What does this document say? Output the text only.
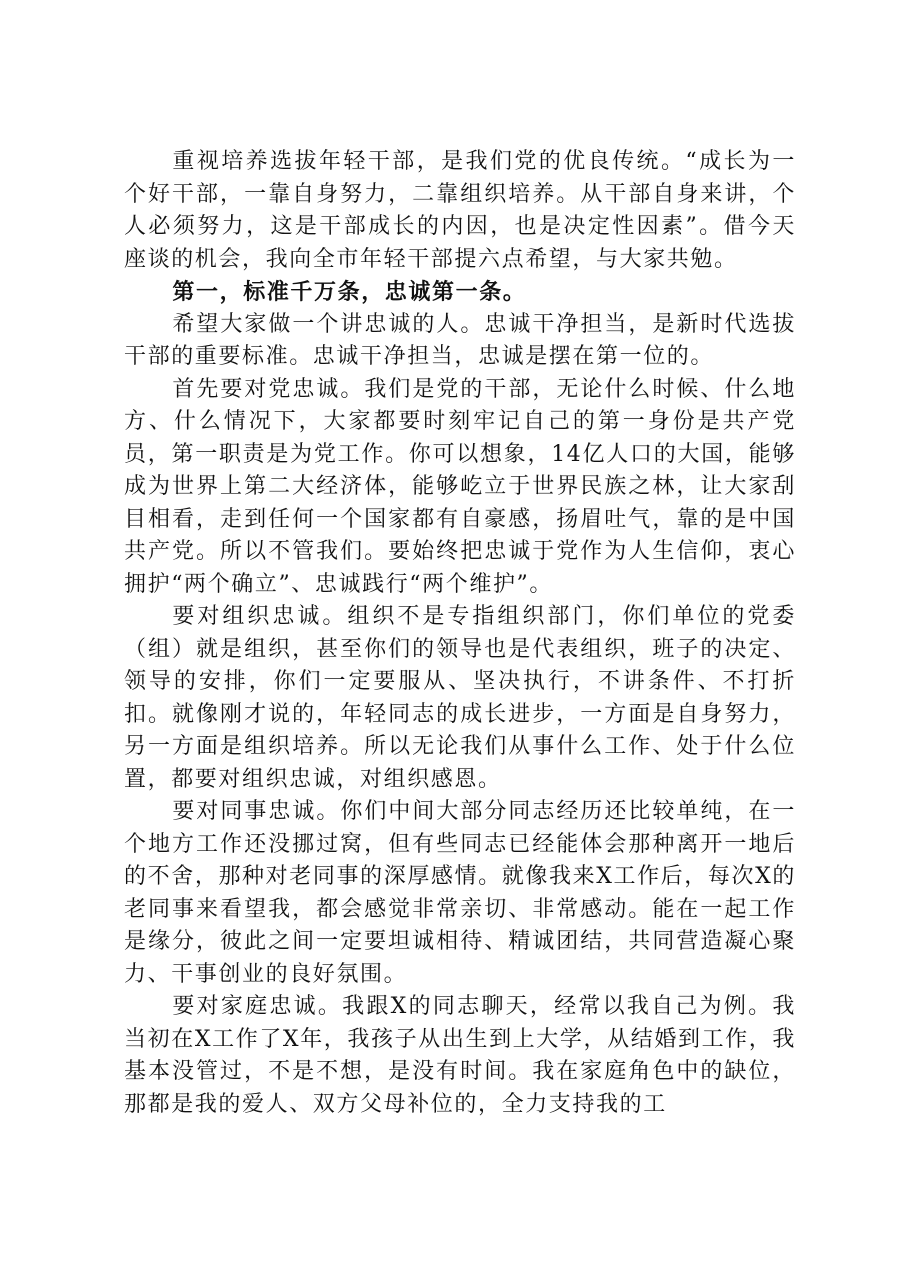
重视培养选拔年轻干部，是我们党的优良传统。“成长为一个好干部，一靠自身努力，二靠组织培养。从干部自身来讲，个人必须努力，这是干部成长的内因，也是决定性因素”。借今天座谈的机会，我向全市年轻干部提六点希望，与大家共勉。

第一，标准千万条，忠诚第一条。

希望大家做一个讲忠诚的人。忠诚干净担当，是新时代选拔干部的重要标准。忠诚干净担当，忠诚是摆在第一位的。

首先要对党忠诚。我们是党的干部，无论什么时候、什么地方、什么情况下，大家都要时刻牢记自己的第一身份是共产党员，第一职责是为党工作。你可以想象，14亿人口的大国，能够成为世界上第二大经济体，能够屹立于世界民族之林，让大家刮目相看，走到任何一个国家都有自豪感，扬眉吐气，靠的是中国共产党。所以不管我们。要始终把忠诚于党作为人生信仰，衷心拥护“两个确立”、忠诚践行“两个维护”。

要对组织忠诚。组织不是专指组织部门，你们单位的党委（组）就是组织，甚至你们的领导也是代表组织，班子的决定、领导的安排，你们一定要服从、坚决执行，不讲条件、不打折扣。就像刚才说的，年轻同志的成长进步，一方面是自身努力，另一方面是组织培养。所以无论我们从事什么工作、处于什么位置，都要对组织忠诚，对组织感恩。

要对同事忠诚。你们中间大部分同志经历还比较单纯，在一个地方工作还没挪过窝，但有些同志已经能体会那种离开一地后的不舍，那种对老同事的深厚感情。就像我来X工作后，每次X的老同事来看望我，都会感觉非常亲切、非常感动。能在一起工作是缘分，彼此之间一定要坦诚相待、精诚团结，共同营造凝心聚力、干事创业的良好氛围。

要对家庭忠诚。我跟X的同志聊天，经常以我自己为例。我当初在X工作了X年，我孩子从出生到上大学，从结婚到工作，我基本没管过，不是不想，是没有时间。我在家庭角色中的缺位，那都是我的爱人、双方父母补位的，全力支持我的工
